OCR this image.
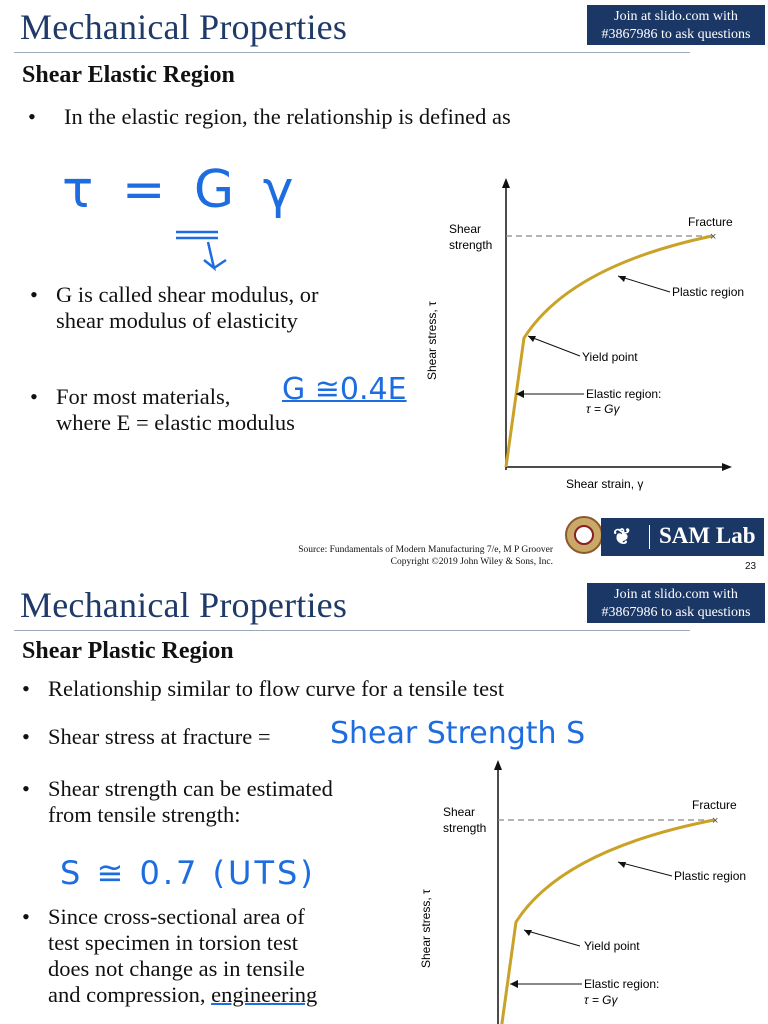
Mechanical Properties	Join at slido.com with
#3867986 to ask questions
Shear Elastic Region
• In the elastic region, the relationship is defined as
τ = G γ
• G is called shear modulus, or
shear modulus of elasticity
• For most materials,
where E = elastic modulus
G ≅0.4E
×
Shear
strength
Fracture
Shear stress, τ
Shear strain, γ
Plastic region
Yield point
Elastic region:
τ = Gγ
Source: Fundamentals of Modern Manufacturing 7/e, M P Groover
Copyright ©2019 John Wiley & Sons, Inc.
❦ SAM Lab
23
Mechanical Properties	Join at slido.com with
#3867986 to ask questions
Shear Plastic Region
• Relationship similar to flow curve for a tensile test
• Shear stress at fracture = Shear Strength S
• Shear strength can be estimated
from tensile strength:
S ≅ 0.7 (UTS)
• Since cross-sectional area of
test specimen in torsion test
does not change as in tensile
and compression, engineering
×
Shear
strength
Fracture
Shear stress, τ
Plastic region
Yield point
Elastic region:
τ = Gγ
